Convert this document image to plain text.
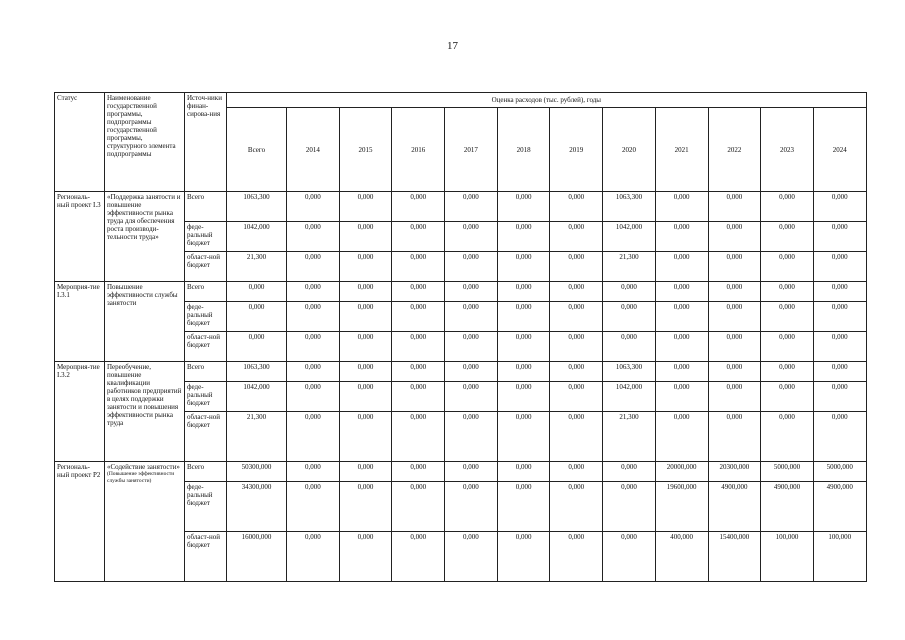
17
Статус	Наименование государственной программы, подпрограммы государственной программы, структурного элемента подпрограммы	Источ-ники финан-сирова-ния	Оценка расходов (тыс. рублей), годы											
			Всего	2014	2015	2016	2017	2018	2019	2020	2021	2022	2023	2024
Региональ-ный проект I.3	«Поддержка занятости и повышение эффективности рынка труда для обеспечения роста производи-тельности труда»	Всего	1063,300	0,000	0,000	0,000	0,000	0,000	0,000	1063,300	0,000	0,000	0,000	0,000
		феде-ральный бюджет	1042,000	0,000	0,000	0,000	0,000	0,000	0,000	1042,000	0,000	0,000	0,000	0,000
		област-ной бюджет	21,300	0,000	0,000	0,000	0,000	0,000	0,000	21,300	0,000	0,000	0,000	0,000
Мероприя-тие I.3.1	Повышение эффективности службы занятости	Всего	0,000	0,000	0,000	0,000	0,000	0,000	0,000	0,000	0,000	0,000	0,000	0,000
		феде-ральный бюджет	0,000	0,000	0,000	0,000	0,000	0,000	0,000	0,000	0,000	0,000	0,000	0,000
		област-ной бюджет	0,000	0,000	0,000	0,000	0,000	0,000	0,000	0,000	0,000	0,000	0,000	0,000
Мероприя-тие I.3.2	Переобучение, повышение квалификации работников предприятий в целях поддержки занятости и повышения эффективности рынка труда	Всего	1063,300	0,000	0,000	0,000	0,000	0,000	0,000	1063,300	0,000	0,000	0,000	0,000
		феде-ральный бюджет	1042,000	0,000	0,000	0,000	0,000	0,000	0,000	1042,000	0,000	0,000	0,000	0,000
		област-ной бюджет	21,300	0,000	0,000	0,000	0,000	0,000	0,000	21,300	0,000	0,000	0,000	0,000
Региональ-ный проект P2	«Содействие занятости»
(Повышение эффективности службы занятости)	Всего	50300,000	0,000	0,000	0,000	0,000	0,000	0,000	0,000	20000,000	20300,000	5000,000	5000,000
		феде-ральный бюджет	34300,000	0,000	0,000	0,000	0,000	0,000	0,000	0,000	19600,000	4900,000	4900,000	4900,000
		област-ной бюджет	16000,000	0,000	0,000	0,000	0,000	0,000	0,000	0,000	400,000	15400,000	100,000	100,000
